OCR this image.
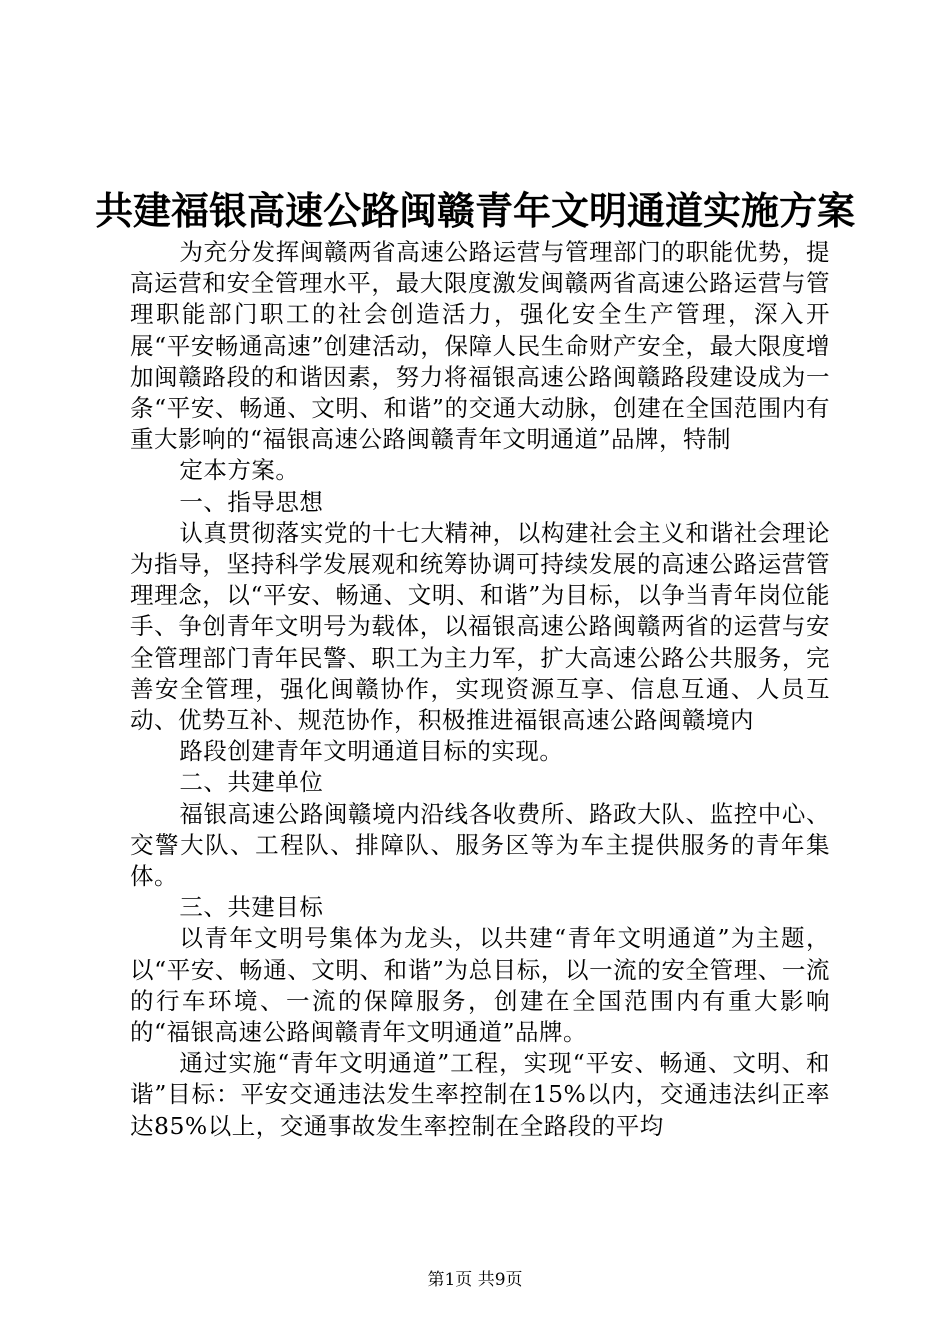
共建福银高速公路闽赣青年文明通道实施方案

为充分发挥闽赣两省高速公路运营与管理部门的职能优势，提高运营和安全管理水平，最大限度激发闽赣两省高速公路运营与管理职能部门职工的社会创造活力，强化安全生产管理，深入开展“平安畅通高速”创建活动，保障人民生命财产安全，最大限度增加闽赣路段的和谐因素，努力将福银高速公路闽赣路段建设成为一条“平安、畅通、文明、和谐”的交通大动脉，创建在全国范围内有重大影响的“福银高速公路闽赣青年文明通道”品牌，特制

定本方案。

一、指导思想

认真贯彻落实党的十七大精神，以构建社会主义和谐社会理论为指导，坚持科学发展观和统筹协调可持续发展的高速公路运营管理理念，以“平安、畅通、文明、和谐”为目标，以争当青年岗位能手、争创青年文明号为载体，以福银高速公路闽赣两省的运营与安全管理部门青年民警、职工为主力军，扩大高速公路公共服务，完善安全管理，强化闽赣协作，实现资源互享、信息互通、人员互动、优势互补、规范协作，积极推进福银高速公路闽赣境内

路段创建青年文明通道目标的实现。

二、共建单位

福银高速公路闽赣境内沿线各收费所、路政大队、监控中心、交警大队、工程队、排障队、服务区等为车主提供服务的青年集体。

三、共建目标

以青年文明号集体为龙头，以共建“青年文明通道”为主题，以“平安、畅通、文明、和谐”为总目标，以一流的安全管理、一流的行车环境、一流的保障服务，创建在全国范围内有重大影响的“福银高速公路闽赣青年文明通道”品牌。

通过实施“青年文明通道”工程，实现“平安、畅通、文明、和谐”目标：平安交通违法发生率控制在15%以内，交通违法纠正率达85%以上，交通事故发生率控制在全路段的平均

第1页 共9页
